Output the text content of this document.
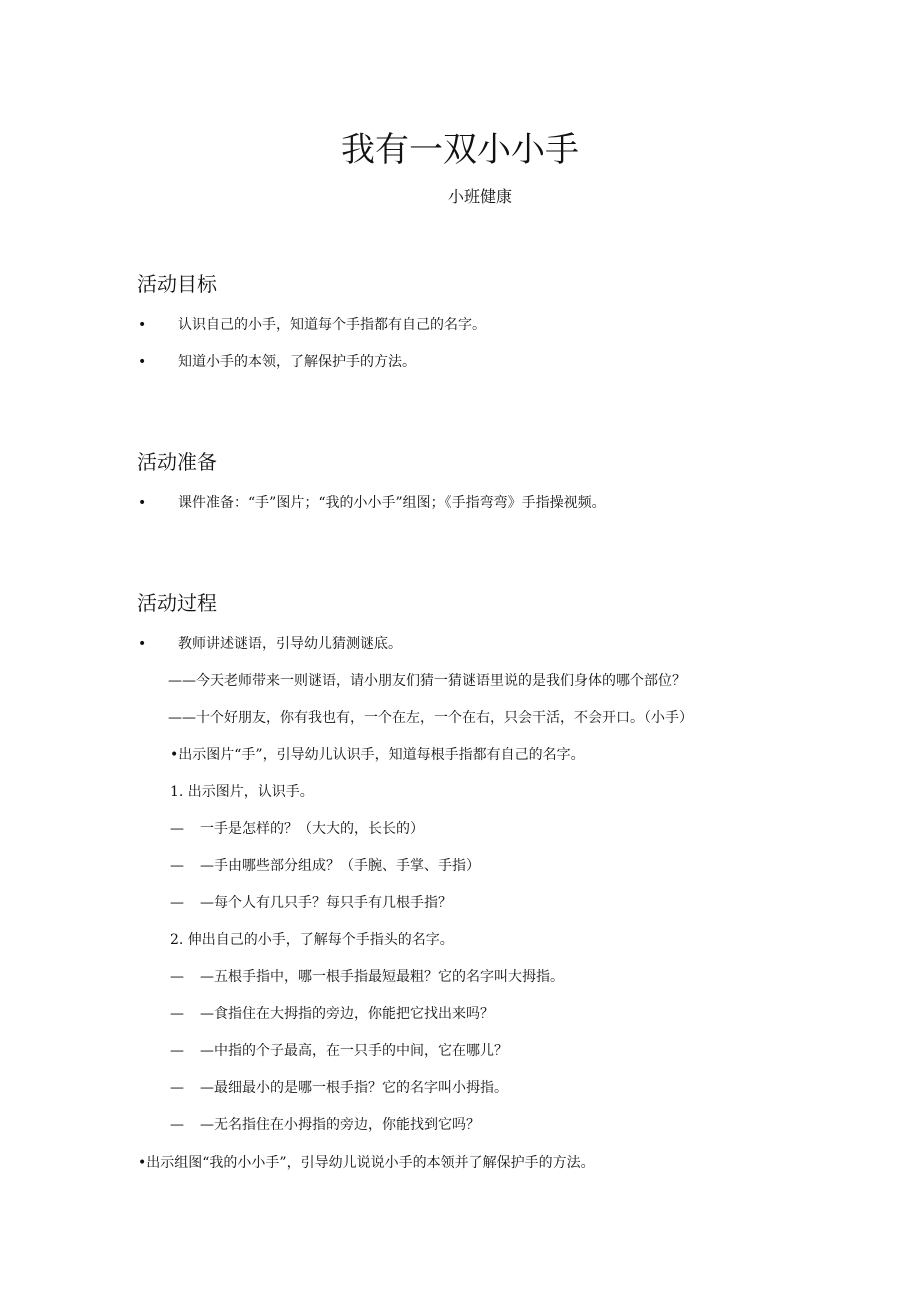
我有一双小小手
小班健康
活动目标
• 认识自己的小手，知道每个手指都有自己的名字。
• 知道小手的本领，了解保护手的方法。
活动准备
• 课件准备：“手”图片；“我的小小手”组图；《手指弯弯》手指操视频。
活动过程
• 教师讲述谜语，引导幼儿猜测谜底。
——今天老师带来一则谜语，请小朋友们猜一猜谜语里说的是我们身体的哪个部位？
——十个好朋友，你有我也有，一个在左，一个在右，只会干活，不会开口。（小手）
•出示图片“手”，引导幼儿认识手，知道每根手指都有自己的名字。
1. 出示图片，认识手。
— 一手是怎样的？（大大的，长长的）
— —手由哪些部分组成？（手腕、手掌、手指）
— —每个人有几只手？每只手有几根手指？
2. 伸出自己的小手，了解每个手指头的名字。
— —五根手指中，哪一根手指最短最粗？它的名字叫大拇指。
— —食指住在大拇指的旁边，你能把它找出来吗？
— —中指的个子最高，在一只手的中间，它在哪儿？
— —最细最小的是哪一根手指？它的名字叫小拇指。
— —无名指住在小拇指的旁边，你能找到它吗？
•出示组图“我的小小手”，引导幼儿说说小手的本领并了解保护手的方法。
